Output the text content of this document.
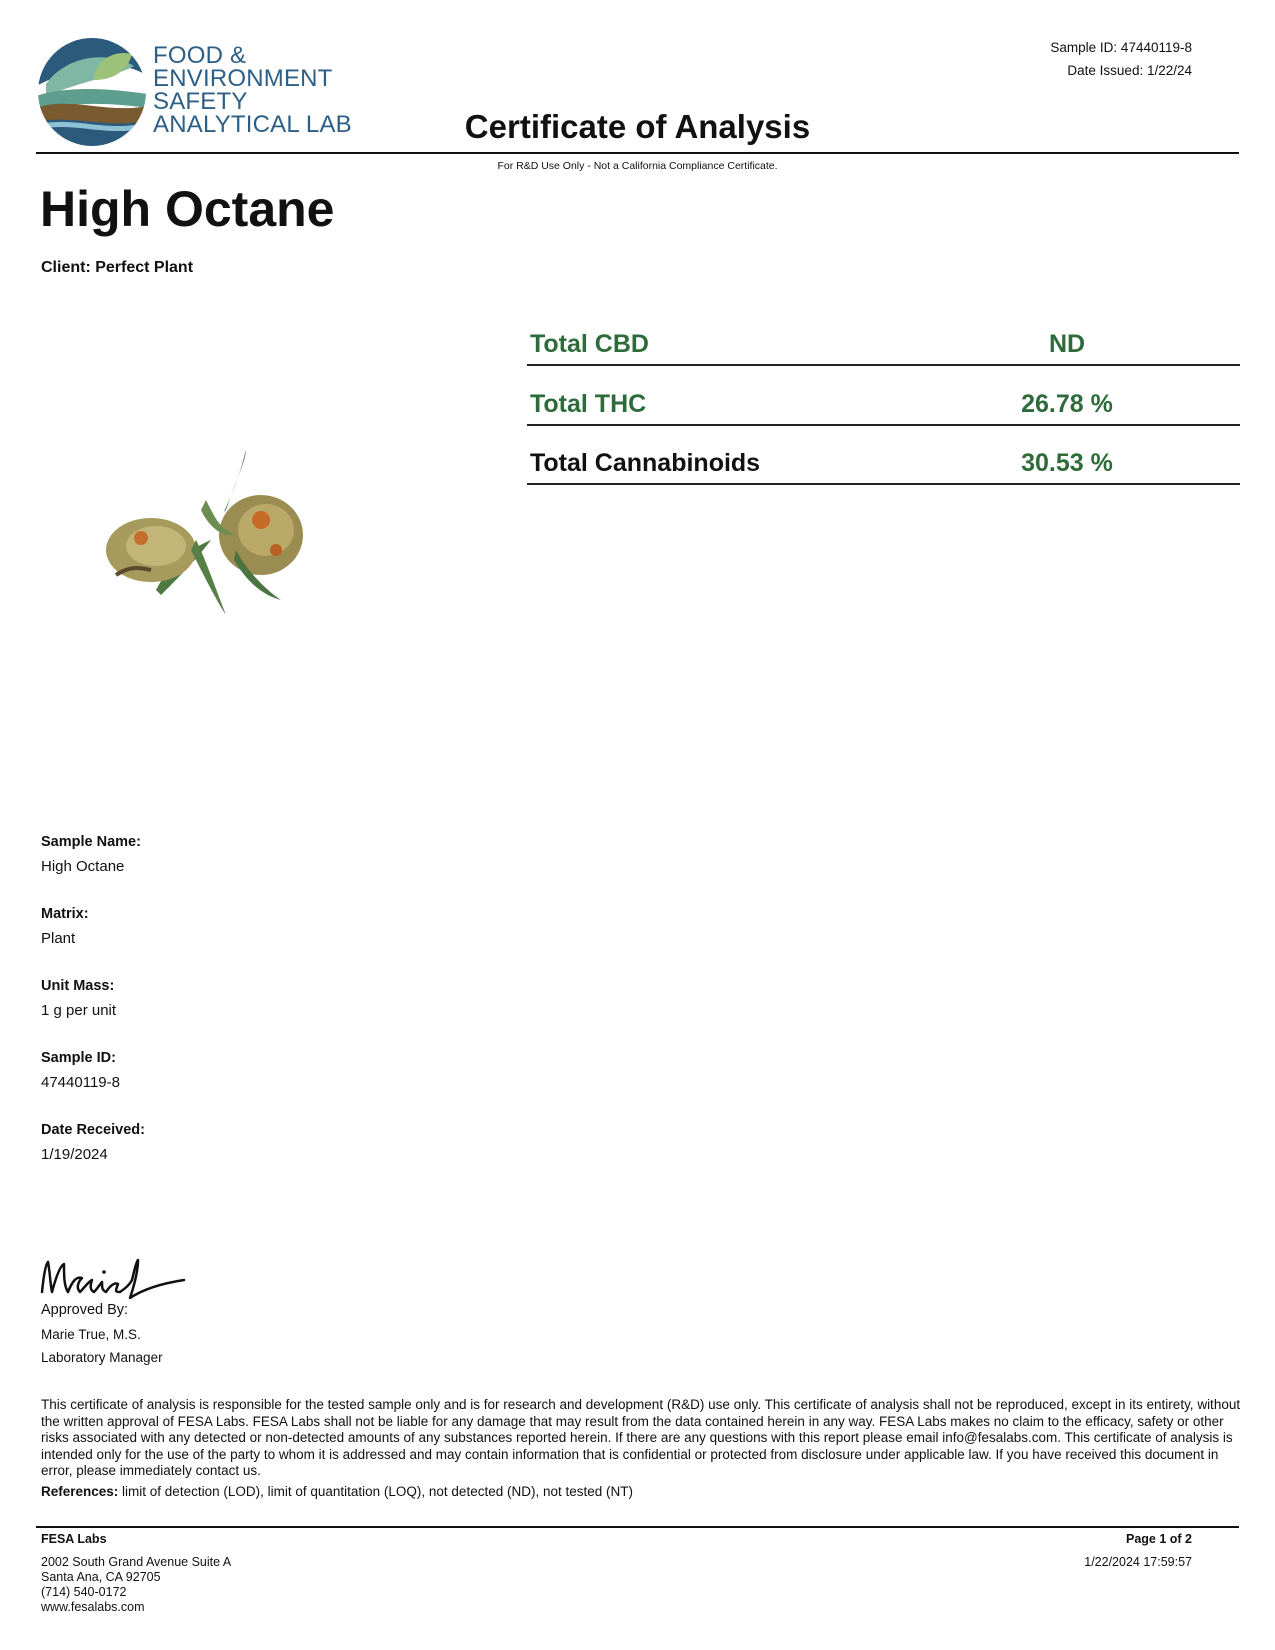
FOOD &
ENVIRONMENT
SAFETY
ANALYTICAL LAB
Sample ID: 47440119-8
Date Issued: 1/22/24
Certificate of Analysis
For R&D Use Only - Not a California Compliance Certificate.
High Octane
Client: Perfect Plant
Total CBD	ND
Total THC	26.78 %
Total Cannabinoids	30.53 %
Sample Name:
High Octane
Matrix:
Plant
Unit Mass:
1 g per unit
Sample ID:
47440119-8
Date Received:
1/19/2024
Approved By:
Marie True, M.S.
Laboratory Manager
This certificate of analysis is responsible for the tested sample only and is for research and development (R&D) use only. This certificate of analysis shall not be reproduced, except in its entirety, without the written approval of FESA Labs. FESA Labs shall not be liable for any damage that may result from the data contained herein in any way. FESA Labs makes no claim to the efficacy, safety or other risks associated with any detected or non-detected amounts of any substances reported herein. If there are any questions with this report please email info@fesalabs.com. This certificate of analysis is intended only for the use of the party to whom it is addressed and may contain information that is confidential or protected from disclosure under applicable law. If you have received this document in error, please immediately contact us.
References: limit of detection (LOD), limit of quantitation (LOQ), not detected (ND), not tested (NT)
FESA Labs
2002 South Grand Avenue Suite A
Santa Ana, CA 92705
(714) 540-0172
www.fesalabs.com
Page 1 of 2
1/22/2024 17:59:57
